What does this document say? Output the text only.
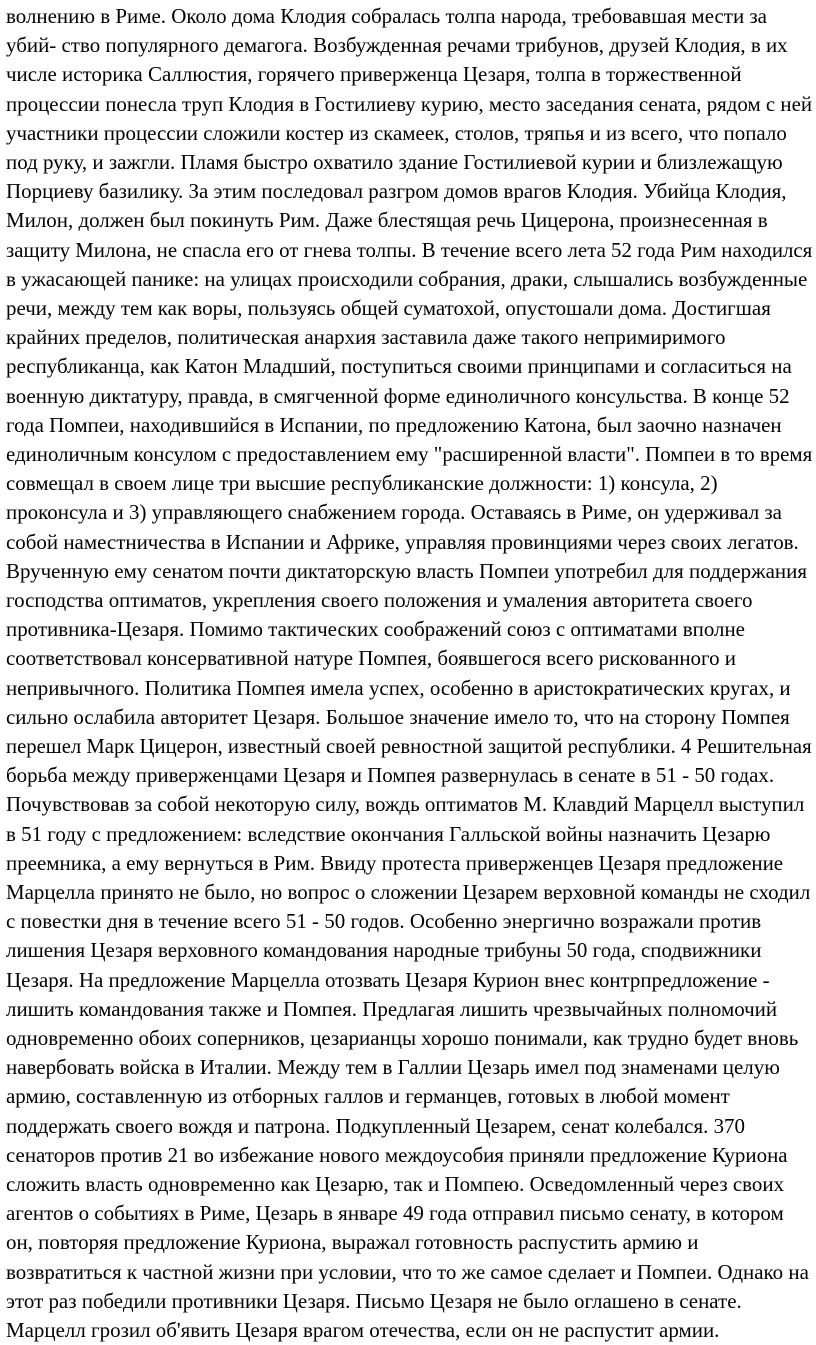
волнению в Риме. Около дома Клодия собралась толпа народа, требовавшая мести за
убий- ство популярного демагога. Возбужденная речами трибунов, друзей Клодия, в их
числе историка Саллюстия, горячего приверженца Цезаря, толпа в торжественной
процессии понесла труп Клодия в Гостилиеву курию, место заседания сената, рядом с ней
участники процессии сложили костер из скамеек, столов, тряпья и из всего, что попало
под руку, и зажгли. Пламя быстро охватило здание Гостилиевой курии и близлежащую
Порциеву базилику. За этим последовал разгром домов врагов Клодия. Убийца Клодия,
Милон, должен был покинуть Рим. Даже блестящая речь Цицерона, произнесенная в
защиту Милона, не спасла его от гнева толпы. В течение всего лета 52 года Рим находился
в ужасающей панике: на улицах происходили собрания, драки, слышались возбужденные
речи, между тем как воры, пользуясь общей суматохой, опустошали дома. Достигшая
крайних пределов, политическая анархия заставила даже такого непримиримого
республиканца, как Катон Младший, поступиться своими принципами и согласиться на
военную диктатуру, правда, в смягченной форме единоличного консульства. В конце 52
года Помпеи, находившийся в Испании, по предложению Катона, был заочно назначен
единоличным консулом с предоставлением ему "расширенной власти". Помпеи в то время
совмещал в своем лице три высшие республиканские должности: 1) консула, 2)
проконсула и 3) управляющего снабжением города. Оставаясь в Риме, он удерживал за
собой наместничества в Испании и Африке, управляя провинциями через своих легатов.
Врученную ему сенатом почти диктаторскую власть Помпеи употребил для поддержания
господства оптиматов, укрепления своего положения и умаления авторитета своего
противника-Цезаря. Помимо тактических соображений союз с оптиматами вполне
соответствовал консервативной натуре Помпея, боявшегося всего рискованного и
непривычного. Политика Помпея имела успех, особенно в аристократических кругах, и
сильно ослабила авторитет Цезаря. Большое значение имело то, что на сторону Помпея
перешел Марк Цицерон, известный своей ревностной защитой республики. 4 Решительная
борьба между приверженцами Цезаря и Помпея развернулась в сенате в 51 - 50 годах.
Почувствовав за собой некоторую силу, вождь оптиматов М. Клавдий Марцелл выступил
в 51 году с предложением: вследствие окончания Галльской войны назначить Цезарю
преемника, а ему вернуться в Рим. Ввиду протеста приверженцев Цезаря предложение
Марцелла принято не было, но вопрос о сложении Цезарем верховной команды не сходил
с повестки дня в течение всего 51 - 50 годов. Особенно энергично возражали против
лишения Цезаря верховного командования народные трибуны 50 года, сподвижники
Цезаря. На предложение Марцелла отозвать Цезаря Курион внес контрпредложение -
лишить командования также и Помпея. Предлагая лишить чрезвычайных полномочий
одновременно обоих соперников, цезарианцы хорошо понимали, как трудно будет вновь
навербовать войска в Италии. Между тем в Галлии Цезарь имел под знаменами целую
армию, составленную из отборных галлов и германцев, готовых в любой момент
поддержать своего вождя и патрона. Подкупленный Цезарем, сенат колебался. 370
сенаторов против 21 во избежание нового междоусобия приняли предложение Куриона
сложить власть одновременно как Цезарю, так и Помпею. Осведомленный через своих
агентов о событиях в Риме, Цезарь в январе 49 года отправил письмо сенату, в котором
он, повторяя предложение Куриона, выражал готовность распустить армию и
возвратиться к частной жизни при условии, что то же самое сделает и Помпеи. Однако на
этот раз победили противники Цезаря. Письмо Цезаря не было оглашено в сенате.
Марцелл грозил об'явить Цезаря врагом отечества, если он не распустит армии.
